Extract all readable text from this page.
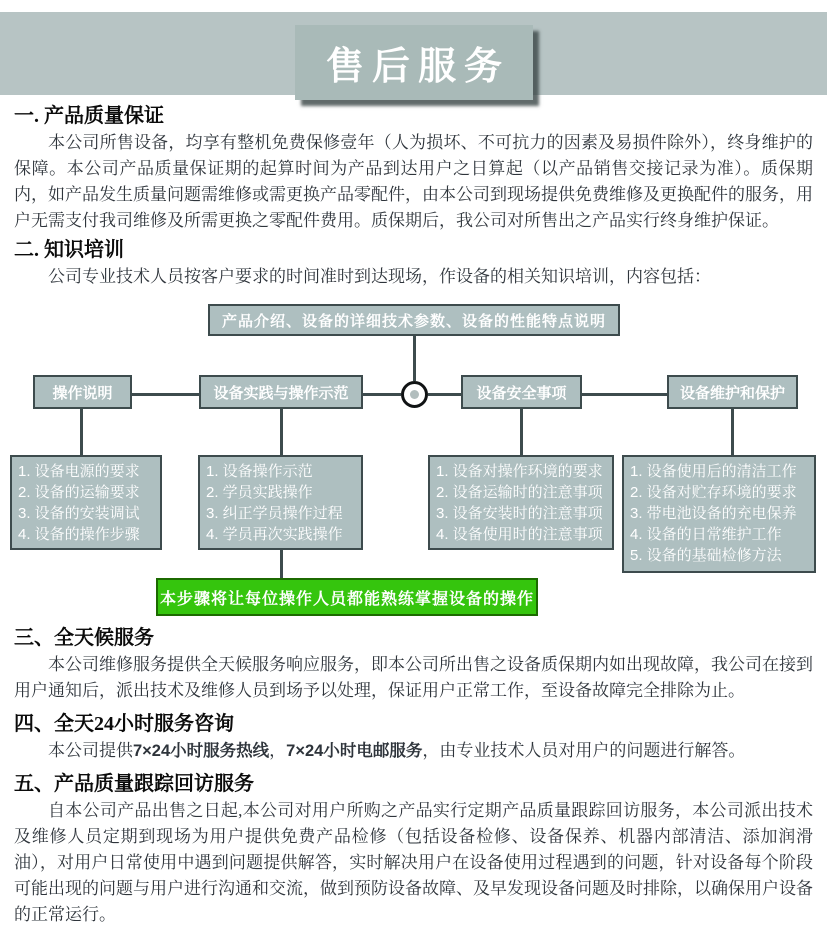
售后服务
一. 产品质量保证

本公司所售设备，均享有整机免费保修壹年（人为损坏、不可抗力的因素及易损件除外），终身维护的保障。本公司产品质量保证期的起算时间为产品到达用户之日算起（以产品销售交接记录为准）。质保期内，如产品发生质量问题需维修或需更换产品零配件，由本公司到现场提供免费维修及更换配件的服务，用户无需支付我司维修及所需更换之零配件费用。质保期后，我公司对所售出之产品实行终身维护保证。

二. 知识培训

公司专业技术人员按客户要求的时间准时到达现场，作设备的相关知识培训，内容包括：

产品介绍、设备的详细技术参数、设备的性能特点说明
操作说明	设备实践与操作示范	设备安全事项	设备维护和保护
1. 设备电源的要求
2. 设备的运输要求
3. 设备的安装调试
4. 设备的操作步骤
1. 设备操作示范
2. 学员实践操作
3. 纠正学员操作过程
4. 学员再次实践操作
1. 设备对操作环境的要求
2. 设备运输时的注意事项
3. 设备安装时的注意事项
4. 设备使用时的注意事项
1. 设备使用后的清洁工作
2. 设备对贮存环境的要求
3. 带电池设备的充电保养
4. 设备的日常维护工作
5. 设备的基础检修方法
本步骤将让每位操作人员都能熟练掌握设备的操作
三、全天候服务

本公司维修服务提供全天候服务响应服务，即本公司所出售之设备质保期内如出现故障，我公司在接到用户通知后，派出技术及维修人员到场予以处理，保证用户正常工作，至设备故障完全排除为止。

四、全天24小时服务咨询

本公司提供7×24小时服务热线，7×24小时电邮服务，由专业技术人员对用户的问题进行解答。

五、产品质量跟踪回访服务

自本公司产品出售之日起,本公司对用户所购之产品实行定期产品质量跟踪回访服务，本公司派出技术及维修人员定期到现场为用户提供免费产品检修（包括设备检修、设备保养、机器内部清洁、添加润滑油），对用户日常使用中遇到问题提供解答，实时解决用户在设备使用过程遇到的问题，针对设备每个阶段可能出现的问题与用户进行沟通和交流，做到预防设备故障、及早发现设备问题及时排除，以确保用户设备的正常运行。
